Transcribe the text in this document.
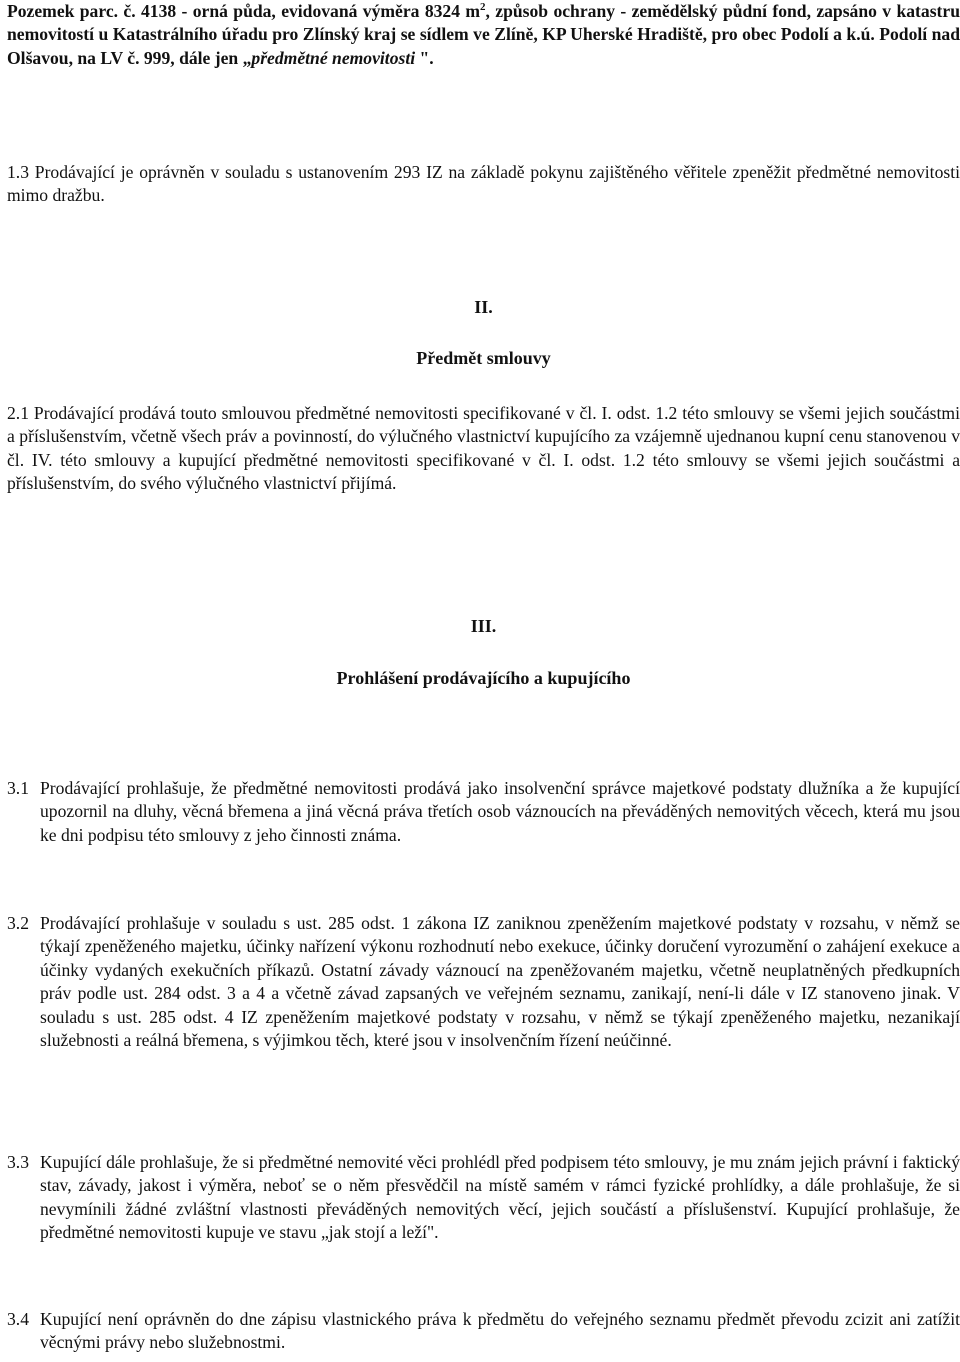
Pozemek parc. č. 4138 - orná půda, evidovaná výměra 8324 $m^2$, způsob ochrany - zemědělský půdní fond, zapsáno v katastru nemovitostí u Katastrálního úřadu pro Zlínský kraj se sídlem ve Zlíně, KP Uherské Hradiště, pro obec Podolí a k.ú. Podolí nad Olšavou, na LV č. 999, dále jen „předmětné nemovitosti ".

1.3 Prodávající je oprávněn v souladu s ustanovením 293 IZ na základě pokynu zajištěného věřitele zpeněžit předmětné nemovitosti mimo dražbu.

II.

Předmět smlouvy

2.1 Prodávající prodává touto smlouvou předmětné nemovitosti specifikované v čl. I. odst. 1.2 této smlouvy se všemi jejich součástmi a příslušenstvím, včetně všech práv a povinností, do výlučného vlastnictví kupujícího za vzájemně ujednanou kupní cenu stanovenou v čl. IV. této smlouvy a kupující předmětné nemovitosti specifikované v čl. I. odst. 1.2 této smlouvy se všemi jejich součástmi a příslušenstvím, do svého výlučného vlastnictví přijímá.

III.

Prohlášení prodávajícího a kupujícího

3.1 Prodávající prohlašuje, že předmětné nemovitosti prodává jako insolvenční správce majetkové podstaty dlužníka a že kupující upozornil na dluhy, věcná břemena a jiná věcná práva třetích osob váznoucích na převáděných nemovitých věcech, která mu jsou ke dni podpisu této smlouvy z jeho činnosti známa.

3.2 Prodávající prohlašuje v souladu s ust. 285 odst. 1 zákona IZ zaniknou zpeněžením majetkové podstaty v rozsahu, v němž se týkají zpeněženého majetku, účinky nařízení výkonu rozhodnutí nebo exekuce, účinky doručení vyrozumění o zahájení exekuce a účinky vydaných exekučních příkazů. Ostatní závady váznoucí na zpeněžovaném majetku, včetně neuplatněných předkupních práv podle ust. 284 odst. 3 a 4 a včetně závad zapsaných ve veřejném seznamu, zanikají, není-li dále v IZ stanoveno jinak. V souladu s ust. 285 odst. 4 IZ zpeněžením majetkové podstaty v rozsahu, v němž se týkají zpeněženého majetku, nezanikají služebnosti a reálná břemena, s výjimkou těch, které jsou v insolvenčním řízení neúčinné.

3.3 Kupující dále prohlašuje, že si předmětné nemovité věci prohlédl před podpisem této smlouvy, je mu znám jejich právní i faktický stav, závady, jakost i výměra, neboť se o něm přesvědčil na místě samém v rámci fyzické prohlídky, a dále prohlašuje, že si nevymínili žádné zvláštní vlastnosti převáděných nemovitých věcí, jejich součástí a příslušenství. Kupující prohlašuje, že předmětné nemovitosti kupuje ve stavu „jak stojí a leží".

3.4 Kupující není oprávněn do dne zápisu vlastnického práva k předmětu do veřejného seznamu předmět převodu zcizit ani zatížit věcnými právy nebo služebnostmi.
